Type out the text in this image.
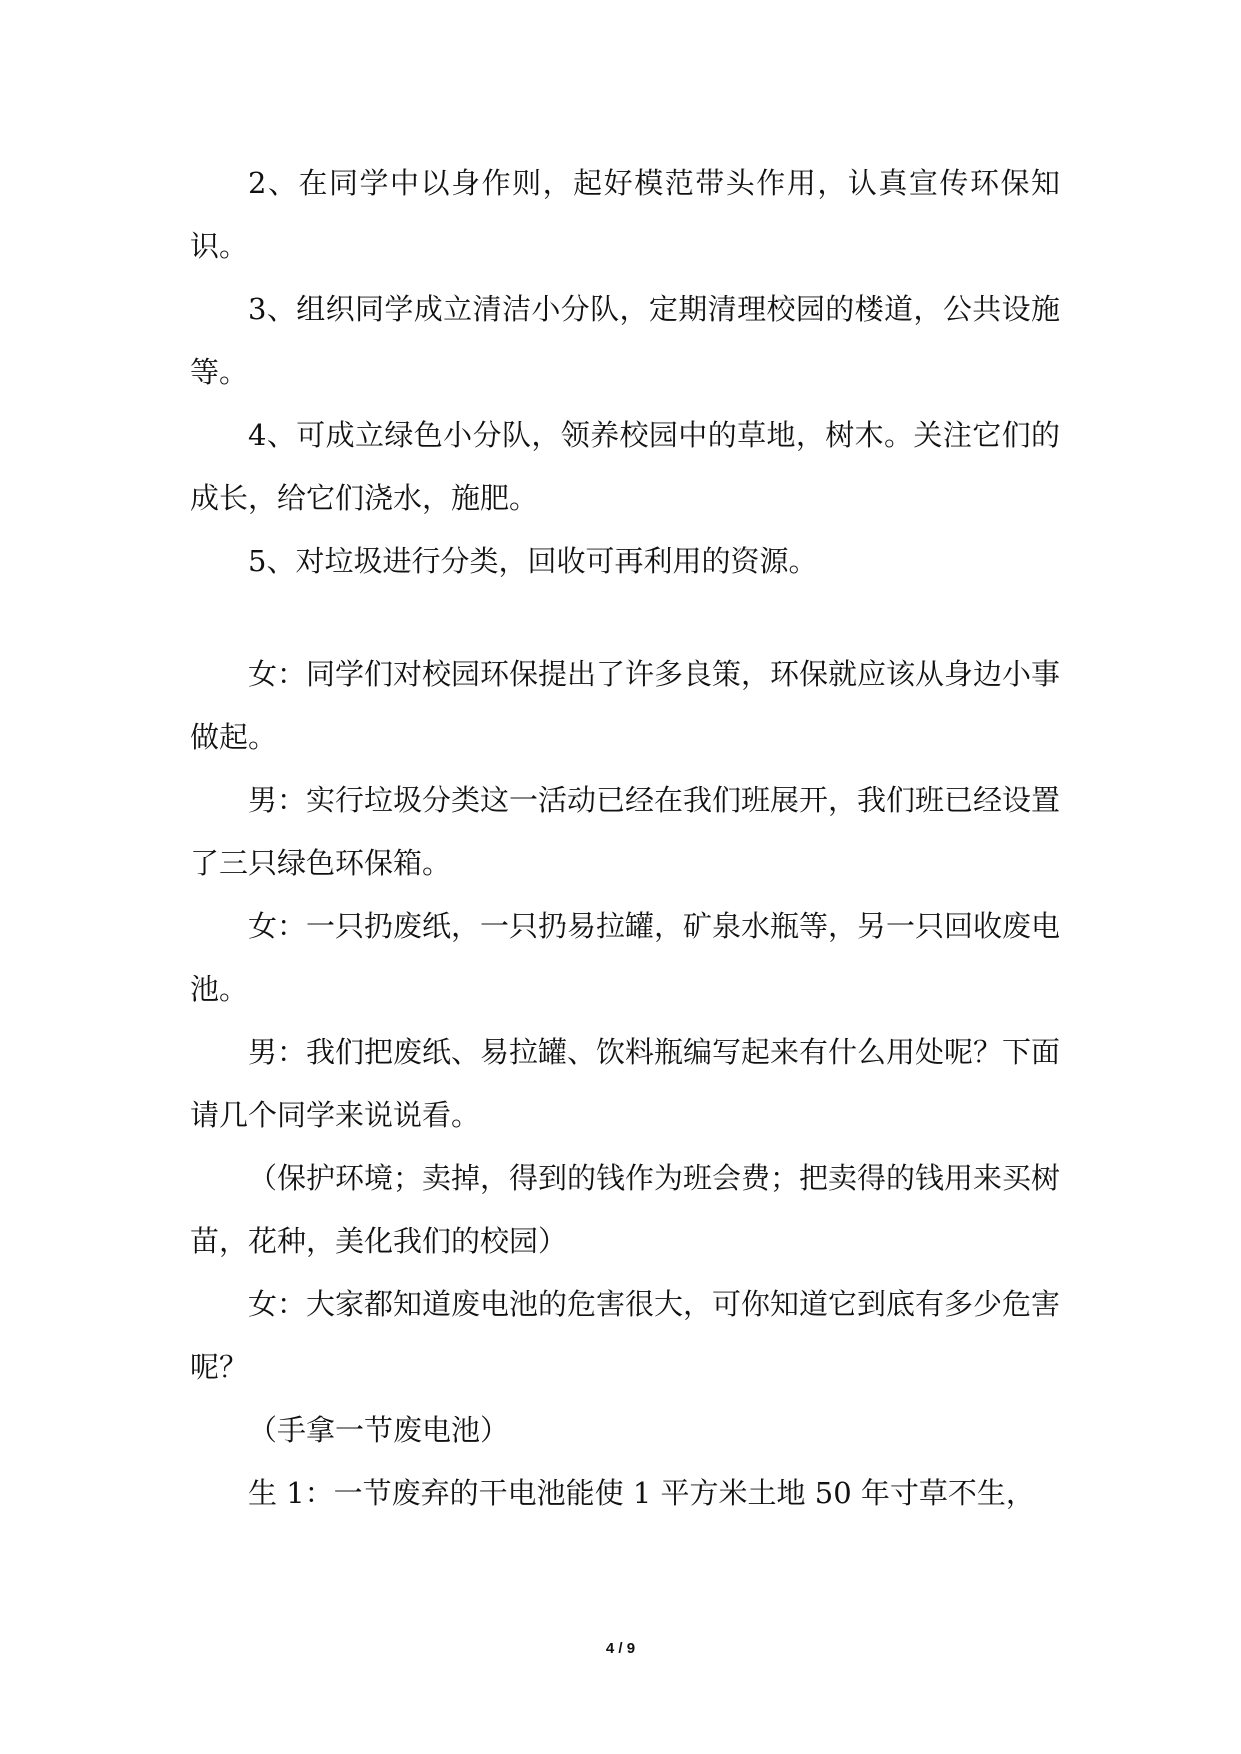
2、在同学中以身作则，起好模范带头作用，认真宣传环保知识。

3、组织同学成立清洁小分队，定期清理校园的楼道，公共设施等。

4、可成立绿色小分队，领养校园中的草地，树木。关注它们的成长，给它们浇水，施肥。

5、对垃圾进行分类，回收可再利用的资源。

女：同学们对校园环保提出了许多良策，环保就应该从身边小事做起。

男：实行垃圾分类这一活动已经在我们班展开，我们班已经设置了三只绿色环保箱。

女：一只扔废纸，一只扔易拉罐，矿泉水瓶等，另一只回收废电池。

男：我们把废纸、易拉罐、饮料瓶编写起来有什么用处呢？下面请几个同学来说说看。

（保护环境；卖掉，得到的钱作为班会费；把卖得的钱用来买树苗，花种，美化我们的校园）

女：大家都知道废电池的危害很大，可你知道它到底有多少危害呢？

（手拿一节废电池）

生 1：一节废弃的干电池能使 1 平方米土地 50 年寸草不生，

4 / 9
